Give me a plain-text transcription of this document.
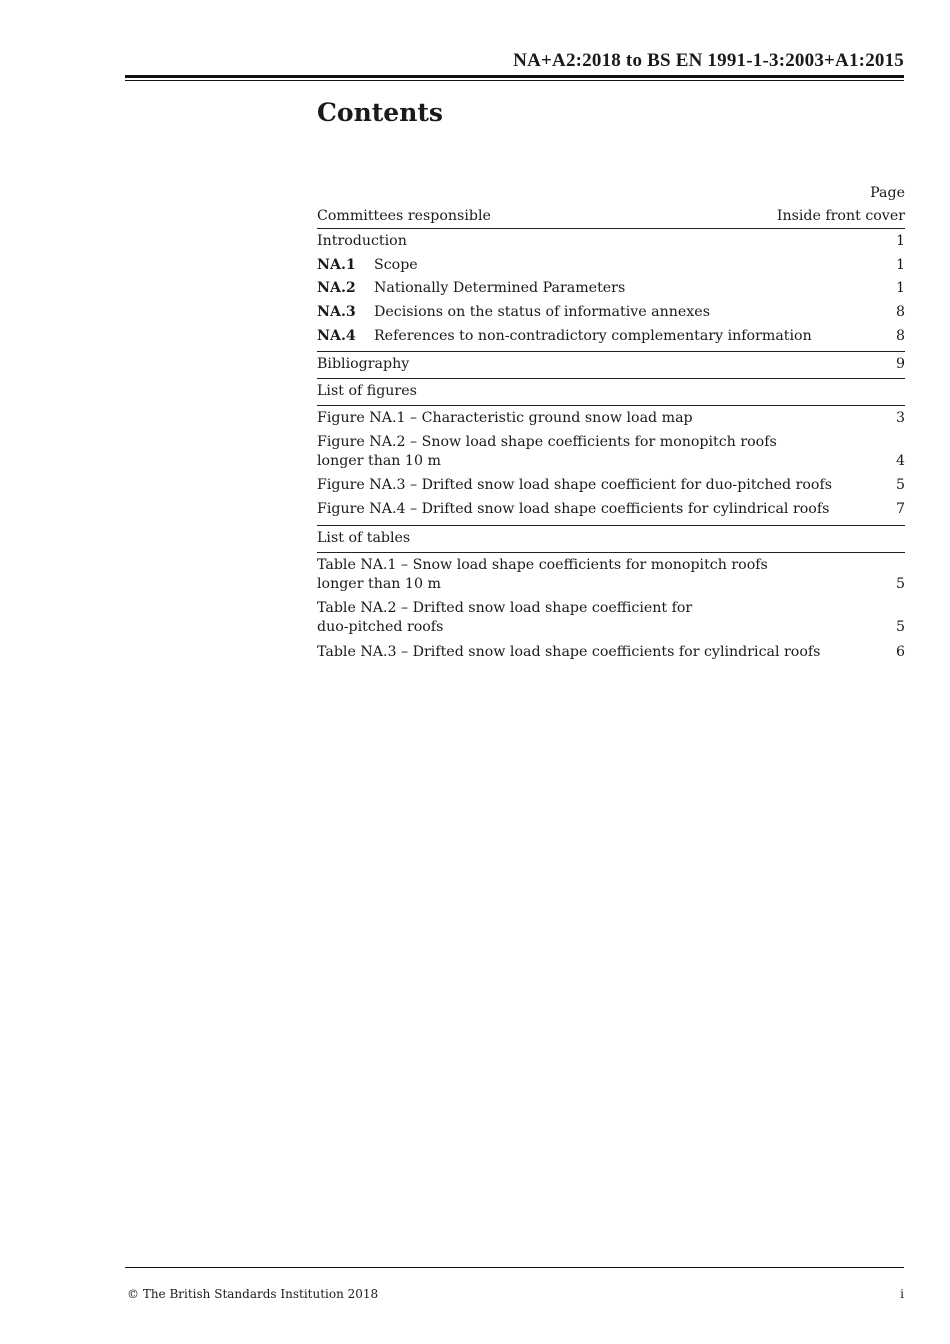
NA+A2:2018 to BS EN 1991-1-3:2003+A1:2015
Contents
Page
Committees responsible	Inside front cover
Introduction	1
NA.1	Scope	1
NA.2	Nationally Determined Parameters	1
NA.3	Decisions on the status of informative annexes	8
NA.4	References to non-contradictory complementary information	8
Bibliography	9
List of figures
Figure NA.1 – Characteristic ground snow load map	3
Figure NA.2 – Snow load shape coefficients for monopitch roofs
longer than 10 m	4
Figure NA.3 – Drifted snow load shape coefficient for duo-pitched roofs	5
Figure NA.4 – Drifted snow load shape coefficients for cylindrical roofs	7
List of tables
Table NA.1 – Snow load shape coefficients for monopitch roofs
longer than 10 m	5
Table NA.2 – Drifted snow load shape coefficient for
duo-pitched roofs	5
Table NA.3 – Drifted snow load shape coefficients for cylindrical roofs	6
© The British Standards Institution 2018	i
